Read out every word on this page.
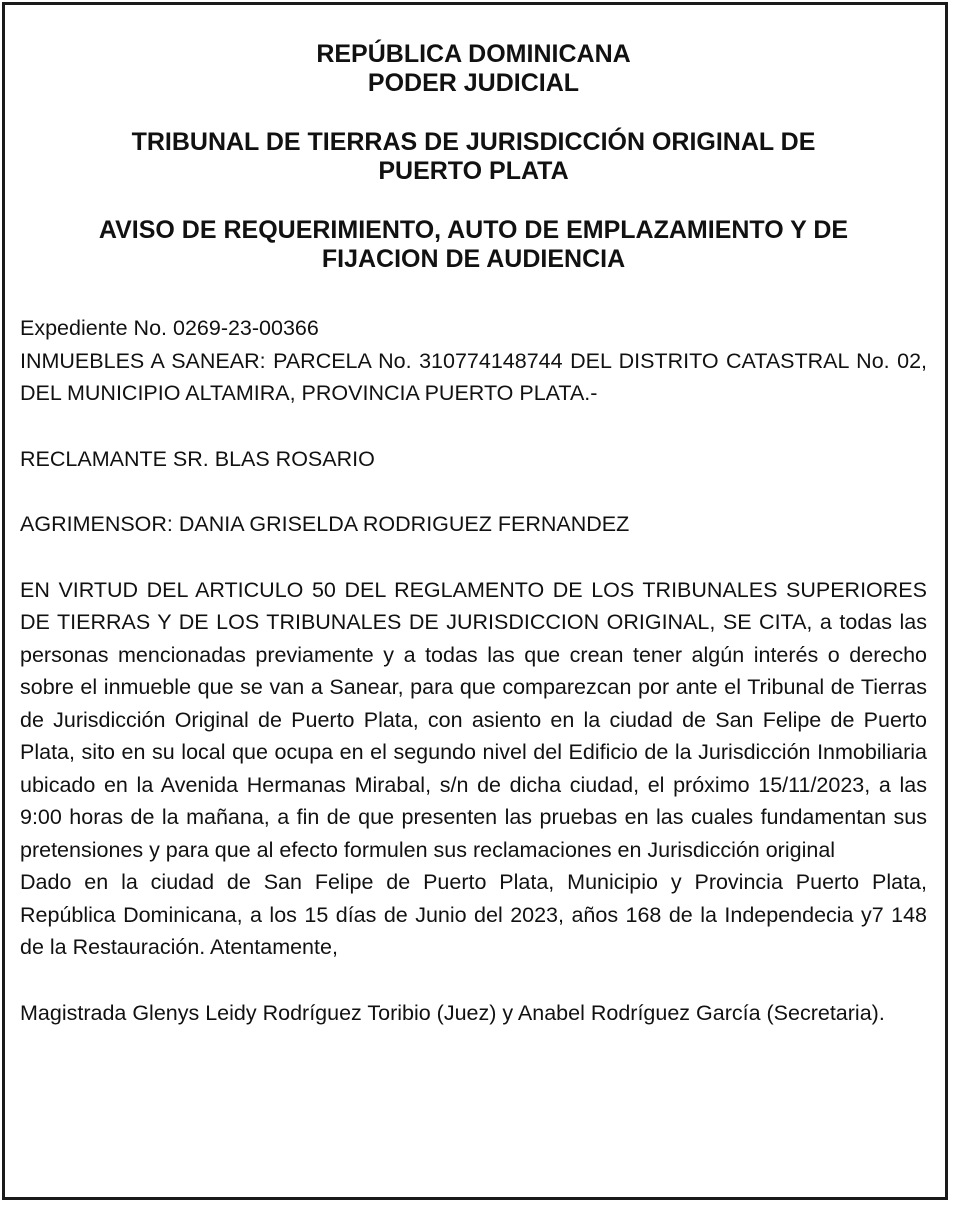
REPÚBLICA DOMINICANA

PODER JUDICIAL

TRIBUNAL DE TIERRAS DE JURISDICCIÓN ORIGINAL DE

PUERTO PLATA

AVISO DE REQUERIMIENTO, AUTO DE EMPLAZAMIENTO Y DE

FIJACION DE AUDIENCIA

Expediente No. 0269-23-00366

INMUEBLES A SANEAR: PARCELA No. 310774148744 DEL DISTRITO CATASTRAL No. 02, DEL MUNICIPIO ALTAMIRA, PROVINCIA PUERTO PLATA.-

RECLAMANTE SR. BLAS ROSARIO

AGRIMENSOR: DANIA GRISELDA RODRIGUEZ FERNANDEZ

EN VIRTUD DEL ARTICULO 50 DEL REGLAMENTO DE LOS TRIBUNALES SUPERIORES DE TIERRAS Y DE LOS TRIBUNALES DE JURISDICCION ORIGINAL, SE CITA, a todas las personas mencionadas previamente y a todas las que crean tener algún interés o derecho sobre el inmueble que se van a Sanear, para que comparezcan por ante el Tribunal de Tierras de Jurisdicción Original de Puerto Plata, con asiento en la ciudad de San Felipe de Puerto Plata, sito en su local que ocupa en el segundo nivel del Edificio de la Jurisdicción Inmobiliaria ubicado en la Avenida Hermanas Mirabal, s/n de dicha ciudad, el próximo 15/11/2023, a las 9:00 horas de la mañana, a fin de que presenten las pruebas en las cuales fundamentan sus pretensiones y para que al efecto formulen sus reclamaciones en Jurisdicción original

Dado en la ciudad de San Felipe de Puerto Plata, Municipio y Provincia Puerto Plata, República Dominicana, a los 15 días de Junio del 2023, años 168 de la Independecia y7 148 de la Restauración. Atentamente,

Magistrada Glenys Leidy Rodríguez Toribio (Juez) y Anabel Rodríguez García (Secretaria).
